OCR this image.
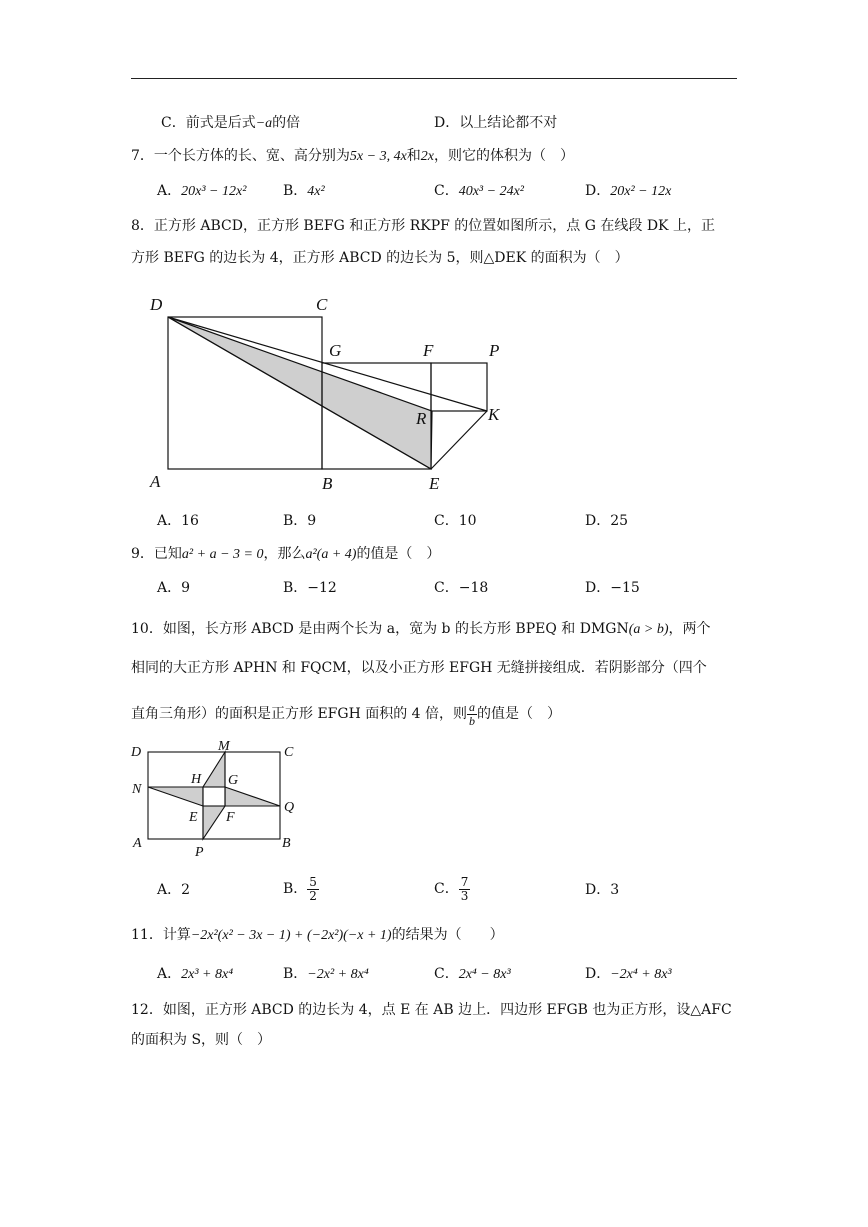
C．前式是后式−a的倍	D．以上结论都不对
7．一个长方体的长、宽、高分别为5x − 3, 4x和2x，则它的体积为（　）
A．20x³ − 12x²	B．4x²	C．40x³ − 24x²	D．20x² − 12x
8．正方形 ABCD，正方形 BEFG 和正方形 RKPF 的位置如图所示，点 G 在线段 DK 上，正
方形 BEFG 的边长为 4，正方形 ABCD 的边长为 5，则△DEK 的面积为（　）
D	C
G	F	P
R	K
A	B	E
A．16	B．9	C．10	D．25
9．已知a² + a − 3 = 0，那么a²(a + 4)的值是（　）
A．9	B．−12	C．−18	D．−15
10．如图，长方形 ABCD 是由两个长为 a，宽为 b 的长方形 BPEQ 和 DMGN(a > b)，两个
相同的大正方形 APHN 和 FQCM，以及小正方形 EFGH 无缝拼接组成．若阴影部分（四个
直角三角形）的面积是正方形 EFGH 面积的 4 倍，则 $\frac{a}{b}$ 的值是（　）
D	M	C
H G
N
Q
E F
A
P
B
A．2	B． $\frac{5}{2}$	C． $\frac{7}{3}$	D．3
11．计算−2x²(x² − 3x − 1) + (−2x²)(−x + 1)的结果为（　　）
A．2x³ + 8x⁴	B．−2x² + 8x⁴	C．2x⁴ − 8x³	D．−2x⁴ + 8x³
12．如图，正方形 ABCD 的边长为 4，点 E 在 AB 边上．四边形 EFGB 也为正方形，设△AFC
的面积为 S，则（　）
